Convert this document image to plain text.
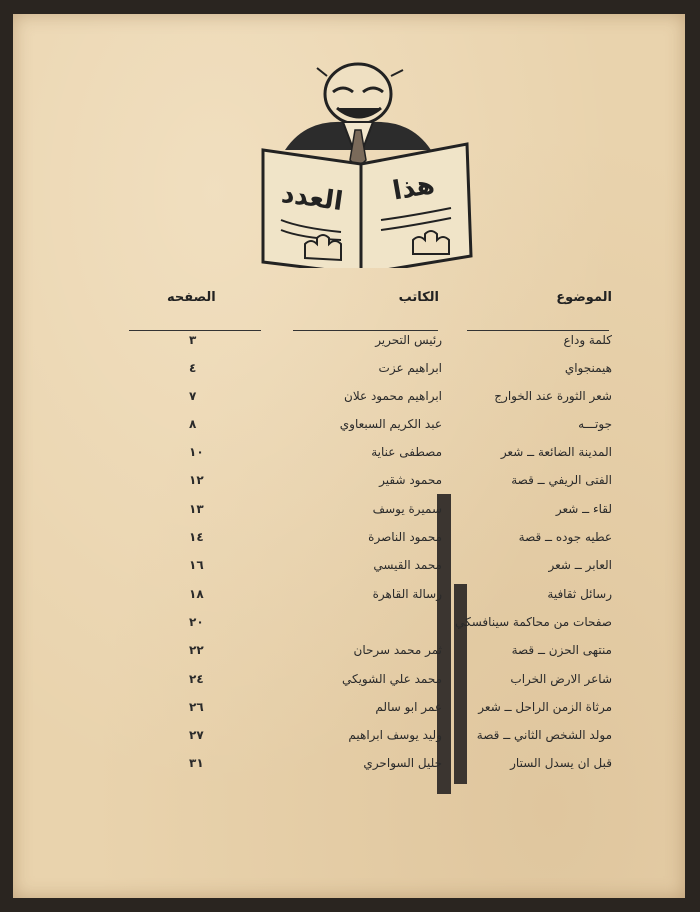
العدد هذا
الموضوع
الكاتب
الصفحه
كلمة وداع
رئيس التحرير
٣
هيمنجواي
ابراهيم عزت
٤
شعر الثورة عند الخوارج
ابراهيم محمود علان
٧
جوتـــه
عبد الكريم السبعاوي
٨
المدينة الضائعة ــ شعر
مصطفى عناية
١٠
الفتى الريفي ــ قصة
محمود شقير
١٢
لقاء ــ شعر
سميرة يوسف
١٣
عطيه جوده ــ قصة
محمود الناصرة
١٤
العابر ــ شعر
محمد القيسي
١٦
رسائل ثقافية
رسالة القاهرة
١٨
صفحات من محاكمة سينافسكي
٢٠
منتهى الحزن ــ قصة
ثمر محمد سرحان
٢٢
شاعر الارض الخراب
محمد علي الشويكي
٢٤
مرثاة الزمن الراحل ــ شعر
عمر ابو سالم
٢٦
مولد الشخص الثاني ــ قصة
وليد يوسف ابراهيم
٢٧
قبل ان يسدل الستار
خليل السواحري
٣١
